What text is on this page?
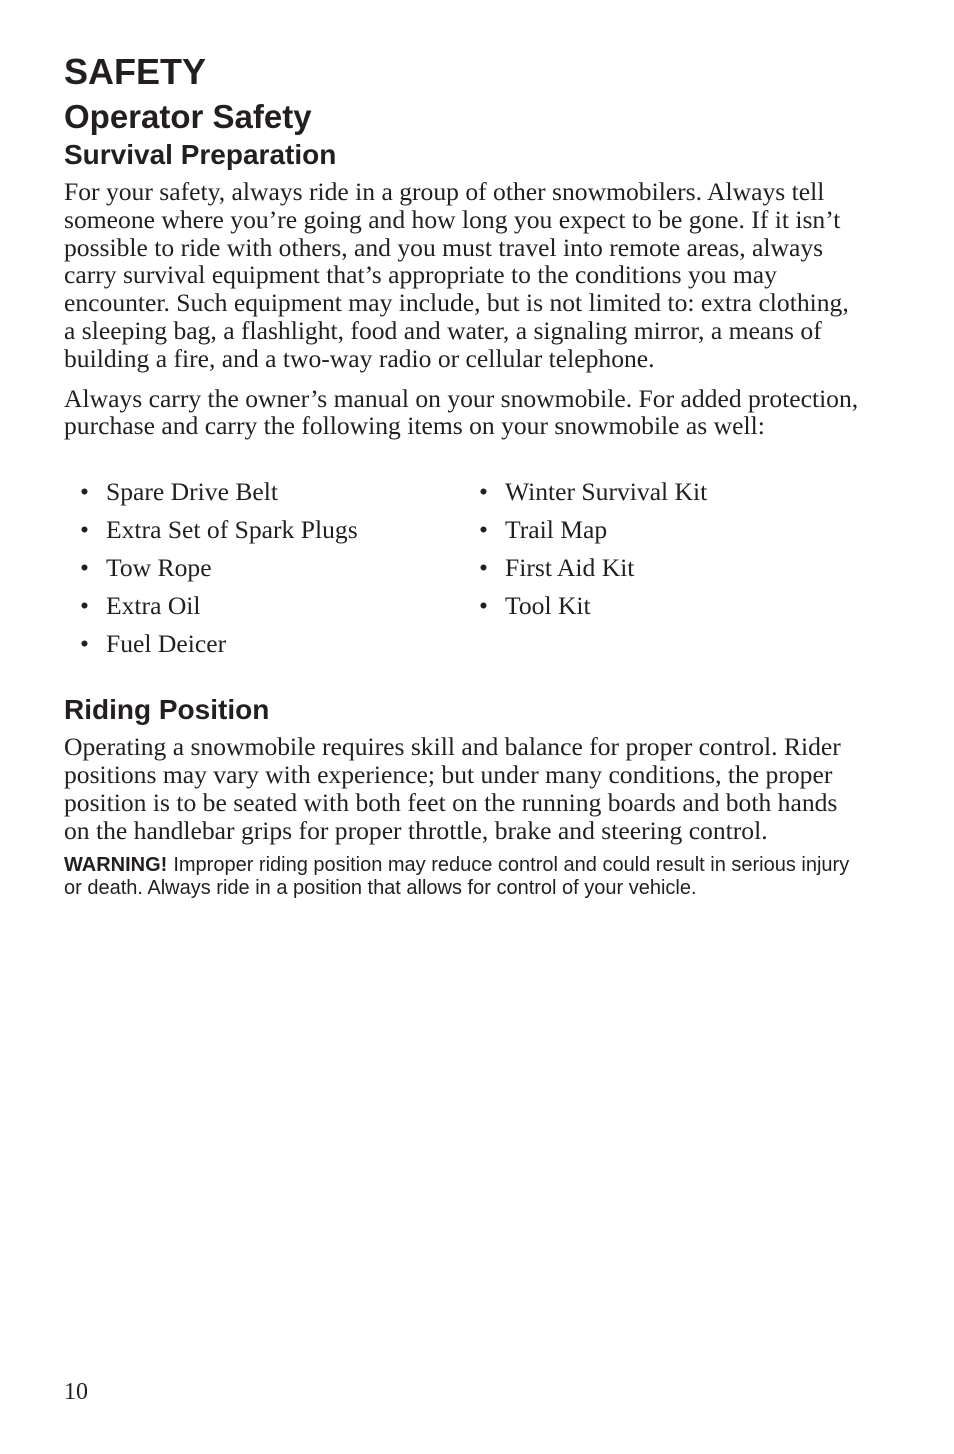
SAFETY
Operator Safety
Survival Preparation

For your safety, always ride in a group of other snowmobilers. Always tell someone where you’re going and how long you expect to be gone. If it isn’t possible to ride with others, and you must travel into remote areas, always carry survival equipment that’s appropriate to the conditions you may encounter. Such equipment may include, but is not limited to: extra clothing, a sleeping bag, a flashlight, food and water, a signaling mirror, a means of building a fire, and a two-way radio or cellular telephone.

Always carry the owner’s manual on your snowmobile. For added protection, purchase and carry the following items on your snowmobile as well:

• Spare Drive Belt
• Extra Set of Spark Plugs
• Tow Rope
• Extra Oil
• Fuel Deicer
• Winter Survival Kit
• Trail Map
• First Aid Kit
• Tool Kit
Riding Position

Operating a snowmobile requires skill and balance for proper control. Rider positions may vary with experience; but under many conditions, the proper position is to be seated with both feet on the running boards and both hands on the handlebar grips for proper throttle, brake and steering control.

WARNING! Improper riding position may reduce control and could result in serious injury or death. Always ride in a position that allows for control of your vehicle.

10
